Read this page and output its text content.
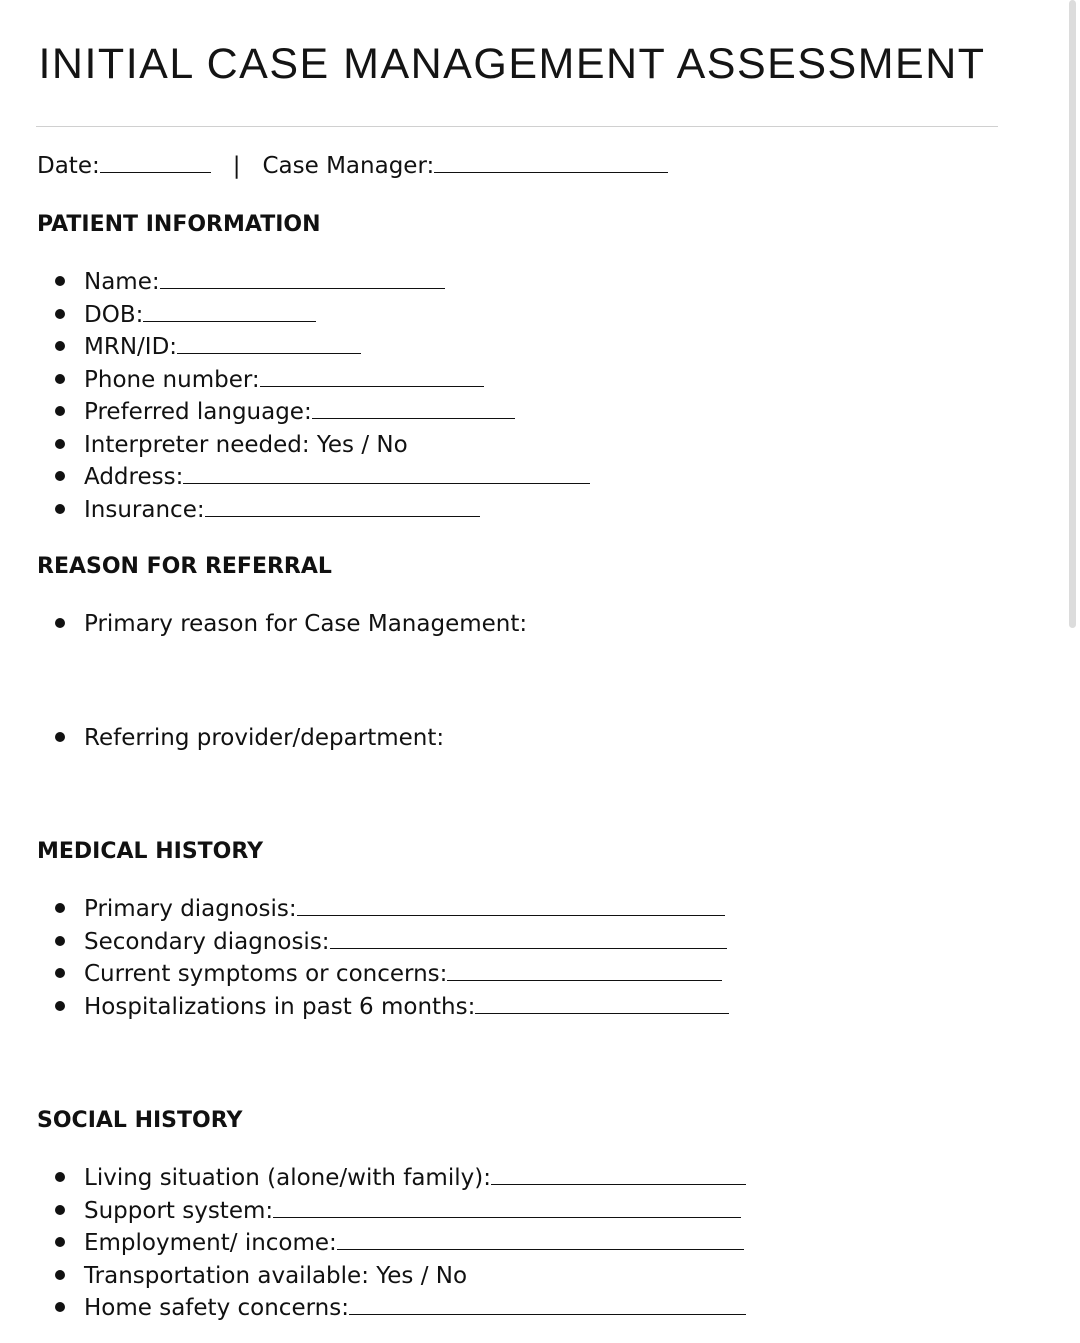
INITIAL CASE MANAGEMENT ASSESSMENT
Date:	| Case Manager:
PATIENT INFORMATION
Name:
DOB:
MRN/ID:
Phone number:
Preferred language:
Interpreter needed: Yes / No
Address:
Insurance:
REASON FOR REFERRAL
Primary reason for Case Management:
Referring provider/department:
MEDICAL HISTORY
Primary diagnosis:
Secondary diagnosis:
Current symptoms or concerns:
Hospitalizations in past 6 months:
SOCIAL HISTORY
Living situation (alone/with family):
Support system:
Employment/ income:
Transportation available: Yes / No
Home safety concerns:
